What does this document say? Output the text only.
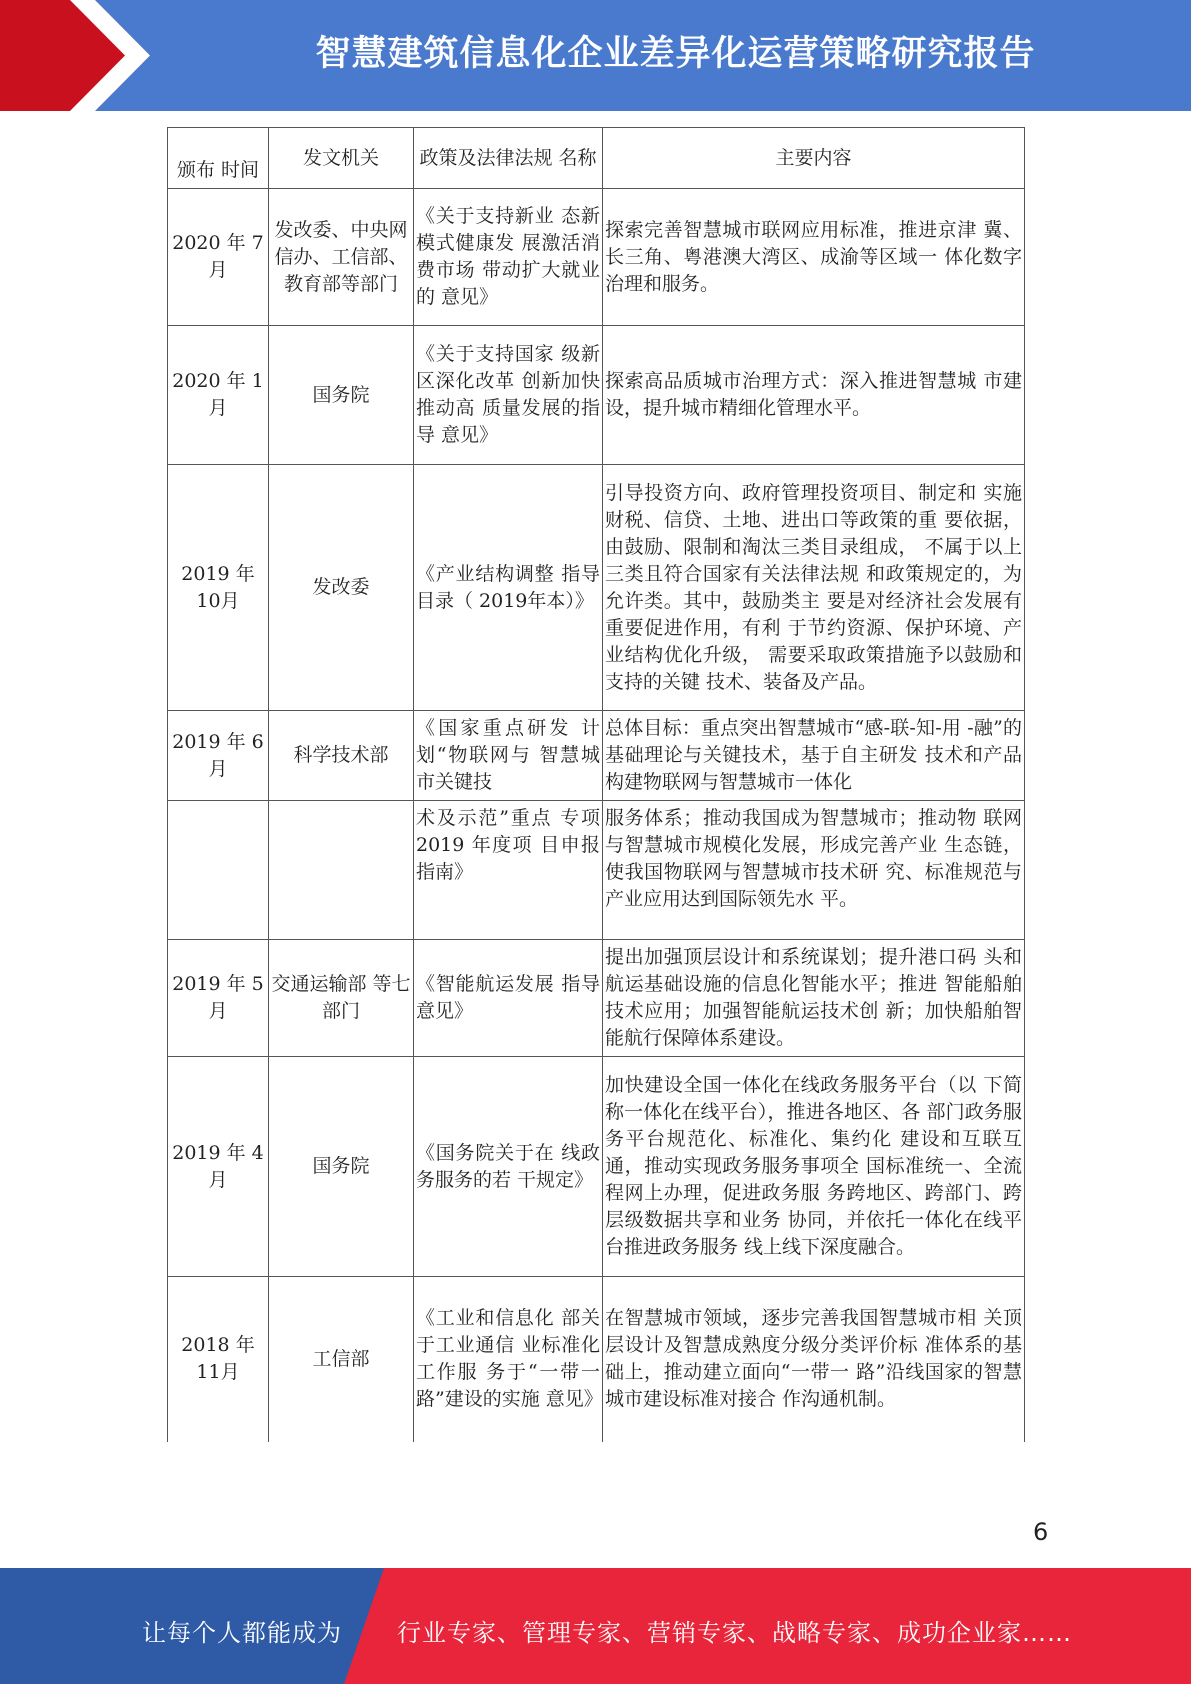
智慧建筑信息化企业差异化运营策略研究报告
颁布 时间	发文机关	政策及法律法规 名称	主要内容
2020 年 7月	发改委、中央网信办、工信部、教育部等部门	《关于支持新业 态新模式健康发 展激活消费市场 带动扩大就业的 意见》	探索完善智慧城市联网应用标准，推进京津 冀、长三角、粤港澳大湾区、成渝等区域一 体化数字治理和服务。
2020 年 1月	国务院	《关于支持国家 级新区深化改革 创新加快推动高 质量发展的指导 意见》	探索高品质城市治理方式：深入推进智慧城 市建设，提升城市精细化管理水平。
2019 年 10月	发改委	《产业结构调整 指导目录（ 2019年本）》	引导投资方向、政府管理投资项目、制定和 实施财税、信贷、土地、进出口等政策的重 要依据，由鼓励、限制和淘汰三类目录组成， 不属于以上三类且符合国家有关法律法规 和政策规定的，为允许类。其中，鼓励类主 要是对经济社会发展有重要促进作用，有利 于节约资源、保护环境、产业结构优化升级， 需要采取政策措施予以鼓励和支持的关键 技术、装备及产品。
2019 年 6月	科学技术部	《国家重点研发 计划“物联网与 智慧城市关键技	总体目标：重点突出智慧城市“感-联-知-用 -融”的基础理论与关键技术，基于自主研发 技术和产品构建物联网与智慧城市一体化
		术及示范”重点 专项 2019 年度项 目申报指南》	服务体系；推动我国成为智慧城市；推动物 联网与智慧城市规模化发展，形成完善产业 生态链，使我国物联网与智慧城市技术研 究、标准规范与产业应用达到国际领先水 平。
2019 年 5月	交通运输部 等七部门	《智能航运发展 指导意见》	提出加强顶层设计和系统谋划；提升港口码 头和航运基础设施的信息化智能水平；推进 智能船舶技术应用；加强智能航运技术创 新；加快船舶智能航行保障体系建设。
2019 年 4月	国务院	《国务院关于在 线政务服务的若 干规定》	加快建设全国一体化在线政务服务平台（以 下简称一体化在线平台），推进各地区、各 部门政务服务平台规范化、标准化、集约化 建设和互联互通，推动实现政务服务事项全 国标准统一、全流程网上办理，促进政务服 务跨地区、跨部门、跨层级数据共享和业务 协同，并依托一体化在线平台推进政务服务 线上线下深度融合。
2018 年 11月	工信部	《工业和信息化 部关于工业通信 业标准化工作服 务于“一带一 路”建设的实施 意见》	在智慧城市领域，逐步完善我国智慧城市相 关顶层设计及智慧成熟度分级分类评价标 准体系的基础上，推动建立面向“一带一 路”沿线国家的智慧城市建设标准对接合 作沟通机制。
6
让每个人都能成为 行业专家、管理专家、营销专家、战略专家、成功企业家……
